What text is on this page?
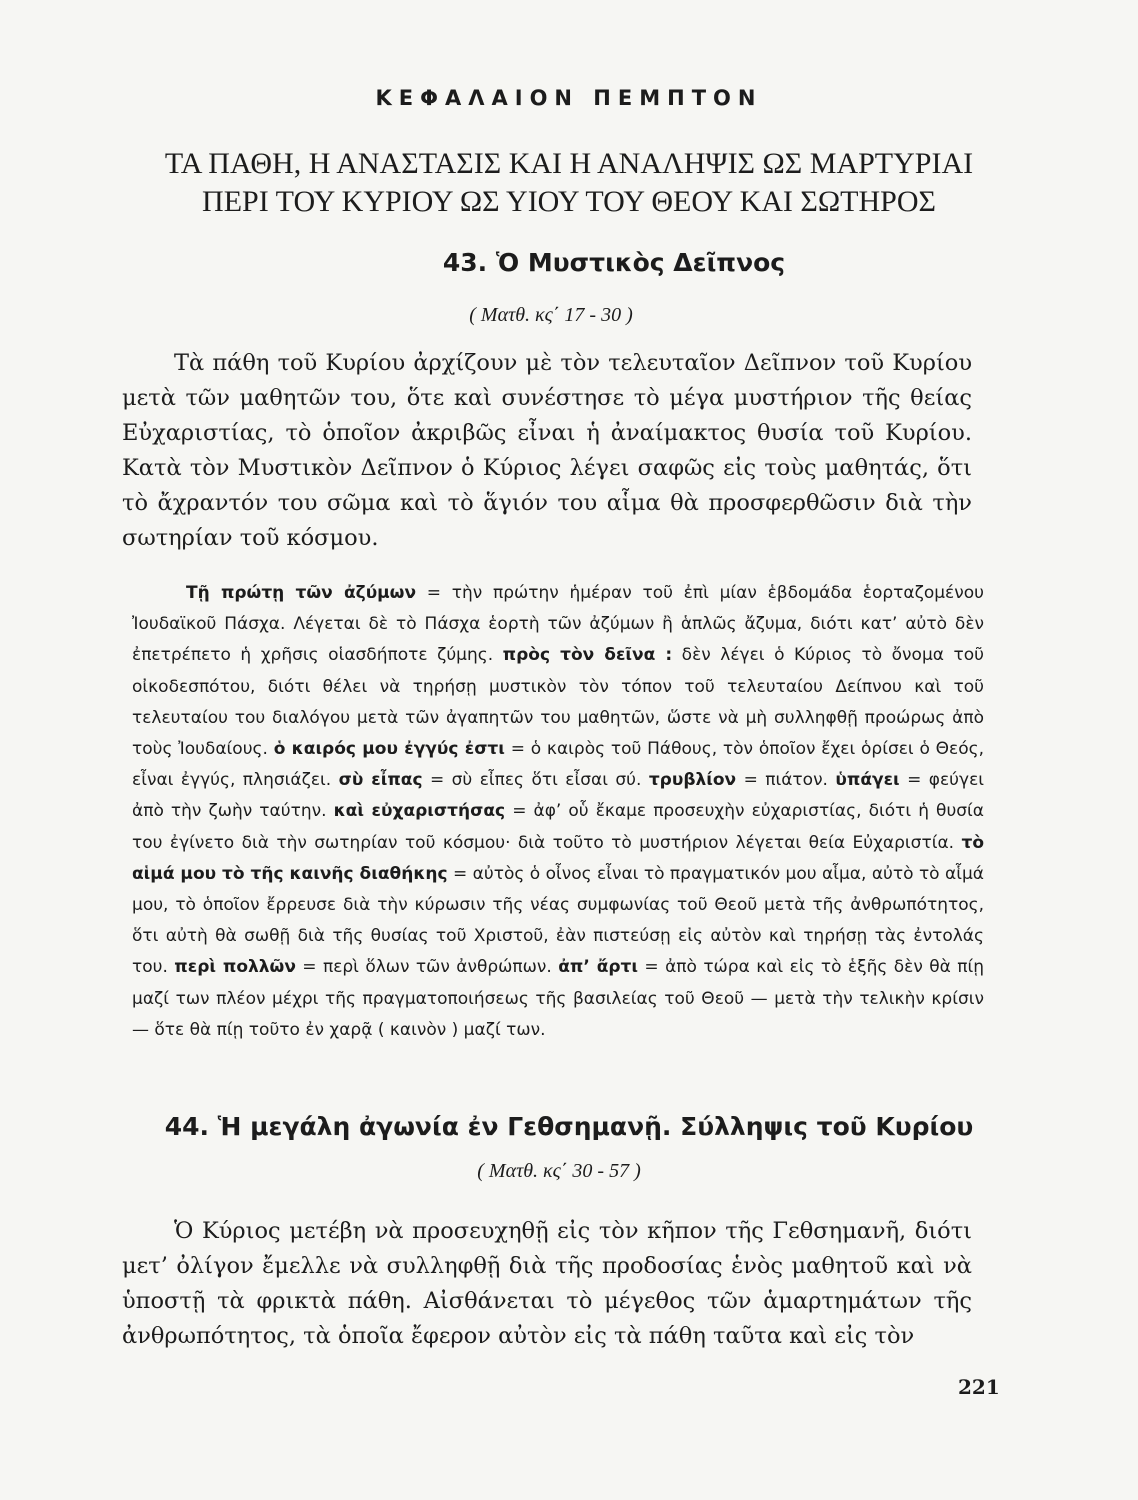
ΚΕΦΑΛΑΙΟΝ ΠΕΜΠΤΟΝ
ΤΑ ΠΑΘΗ, Η ΑΝΑΣΤΑΣΙΣ ΚΑΙ Η ΑΝΑΛΗΨΙΣ ΩΣ ΜΑΡΤΥΡΙΑΙ
ΠΕΡΙ ΤΟΥ ΚΥΡΙΟΥ ΩΣ ΥΙΟΥ ΤΟΥ ΘΕΟΥ ΚΑΙ ΣΩΤΗΡΟΣ
43. Ὁ Μυστικὸς Δεῖπνος
( Ματθ. κς΄ 17 - 30 )

Τὰ πάθη τοῦ Κυρίου ἀρχίζουν μὲ τὸν τελευταῖον Δεῖπνον τοῦ Κυρίου μετὰ τῶν μαθητῶν του, ὅτε καὶ συνέστησε τὸ μέγα μυστήριον τῆς θείας Εὐχαριστίας, τὸ ὁποῖον ἀκριβῶς εἶναι ἡ ἀναίμακτος θυσία τοῦ Κυρίου. Κατὰ τὸν Μυστικὸν Δεῖπνον ὁ Κύριος λέγει σαφῶς εἰς τοὺς μαθητάς, ὅτι τὸ ἄχραντόν του σῶμα καὶ τὸ ἅγιόν του αἷμα θὰ προσφερθῶσιν διὰ τὴν σωτηρίαν τοῦ κόσμου.

Τῇ πρώτῃ τῶν ἀζύμων = τὴν πρώτην ἡμέραν τοῦ ἐπὶ μίαν ἑβδομάδα ἑορταζομένου Ἰουδαϊκοῦ Πάσχα. Λέγεται δὲ τὸ Πάσχα ἑορτὴ τῶν ἀζύμων ἢ ἁπλῶς ἄζυμα, διότι κατ’ αὐτὸ δὲν ἐπετρέπετο ἡ χρῆσις οἱασδήποτε ζύμης. πρὸς τὸν δεῖνα : δὲν λέγει ὁ Κύριος τὸ ὄνομα τοῦ οἰκοδεσπότου, διότι θέλει νὰ τηρήσῃ μυστικὸν τὸν τόπον τοῦ τελευταίου Δείπνου καὶ τοῦ τελευταίου του διαλόγου μετὰ τῶν ἀγαπητῶν του μαθητῶν, ὥστε νὰ μὴ συλληφθῇ προώρως ἀπὸ τοὺς Ἰουδαίους. ὁ καιρός μου ἐγγύς ἐστι = ὁ καιρὸς τοῦ Πάθους, τὸν ὁποῖον ἔχει ὁρίσει ὁ Θεός, εἶναι ἐγγύς, πλησιάζει. σὺ εἶπας = σὺ εἶπες ὅτι εἶσαι σύ. τρυβλίον = πιάτον. ὑπάγει = φεύγει ἀπὸ τὴν ζωὴν ταύτην. καὶ εὐχαριστήσας = ἀφ’ οὗ ἔκαμε προσευχὴν εὐχαριστίας, διότι ἡ θυσία του ἐγίνετο διὰ τὴν σωτηρίαν τοῦ κόσμου· διὰ τοῦτο τὸ μυστήριον λέγεται θεία Εὐχαριστία. τὸ αἱμά μου τὸ τῆς καινῆς διαθήκης = αὐτὸς ὁ οἶνος εἶναι τὸ πραγματικόν μου αἷμα, αὐτὸ τὸ αἷμά μου, τὸ ὁποῖον ἔρρευσε διὰ τὴν κύρωσιν τῆς νέας συμφωνίας τοῦ Θεοῦ μετὰ τῆς ἀνθρωπότητος, ὅτι αὐτὴ θὰ σωθῇ διὰ τῆς θυσίας τοῦ Χριστοῦ, ἐὰν πιστεύσῃ εἰς αὐτὸν καὶ τηρήσῃ τὰς ἐντολάς του. περὶ πολλῶν = περὶ ὅλων τῶν ἀνθρώπων. ἀπ’ ἄρτι = ἀπὸ τώρα καὶ εἰς τὸ ἑξῆς δὲν θὰ πίῃ μαζί των πλέον μέχρι τῆς πραγματοποιήσεως τῆς βασιλείας τοῦ Θεοῦ — μετὰ τὴν τελικὴν κρίσιν — ὅτε θὰ πίῃ τοῦτο ἐν χαρᾷ ( καινὸν ) μαζί των.

44. Ἡ μεγάλη ἀγωνία ἐν Γεθσημανῇ. Σύλληψις τοῦ Κυρίου
( Ματθ. κς΄ 30 - 57 )

Ὁ Κύριος μετέβη νὰ προσευχηθῇ εἰς τὸν κῆπον τῆς Γεθσημανῆ, διότι μετ’ ὀλίγον ἔμελλε νὰ συλληφθῇ διὰ τῆς προδοσίας ἑνὸς μαθητοῦ καὶ νὰ ὑποστῇ τὰ φρικτὰ πάθη. Αἰσθάνεται τὸ μέγεθος τῶν ἁμαρτημάτων τῆς ἀνθρωπότητος, τὰ ὁποῖα ἔφερον αὐτὸν εἰς τὰ πάθη ταῦτα καὶ εἰς τὸν

221
